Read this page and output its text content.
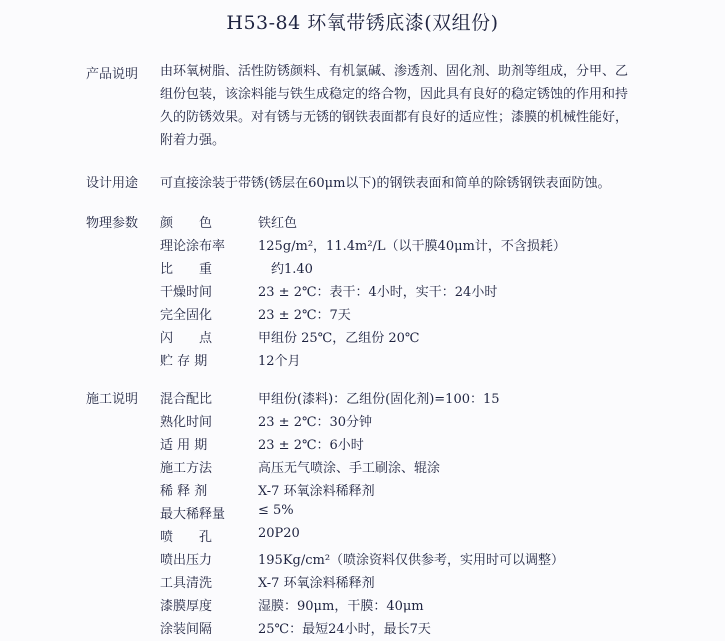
H53-84 环氧带锈底漆(双组份)
产品说明 由环氧树脂、活性防锈颜料、有机氯碱、渗透剂、固化剂、助剂等组成，分甲、乙
组份包装，该涂料能与铁生成稳定的络合物，因此具有良好的稳定锈蚀的作用和持
久的防锈效果。对有锈与无锈的钢铁表面都有良好的适应性；漆膜的机械性能好，
附着力强。
设计用途 可直接涂装于带锈(锈层在60μm以下)的钢铁表面和简单的除锈钢铁表面防蚀。
物理参数 颜　　色	铁红色
理论涂布率	125g/m²，11.4m²/L（以干膜40μm计，不含损耗）
比　　重	　约1.40
干燥时间	23 ± 2℃：表干：4小时，实干：24小时
完全固化	23 ± 2℃：7天
闪　　点	甲组份 25℃，乙组份 20℃
贮 存 期	12个月
施工说明 混合配比	甲组份(漆料)：乙组份(固化剂)=100：15
熟化时间	23 ± 2℃：30分钟
适 用 期	23 ± 2℃：6小时
施工方法	高压无气喷涂、手工刷涂、辊涂
稀 释 剂	X-7 环氧涂料稀释剂
最大稀释量	≤ 5%
喷　　孔	20P20
喷出压力	195Kg/cm²（喷涂资料仅供参考，实用时可以调整）
工具清洗	X-7 环氧涂料稀释剂
漆膜厚度	湿膜：90μm，干膜：40μm
涂装间隔	25℃：最短24小时，最长7天
